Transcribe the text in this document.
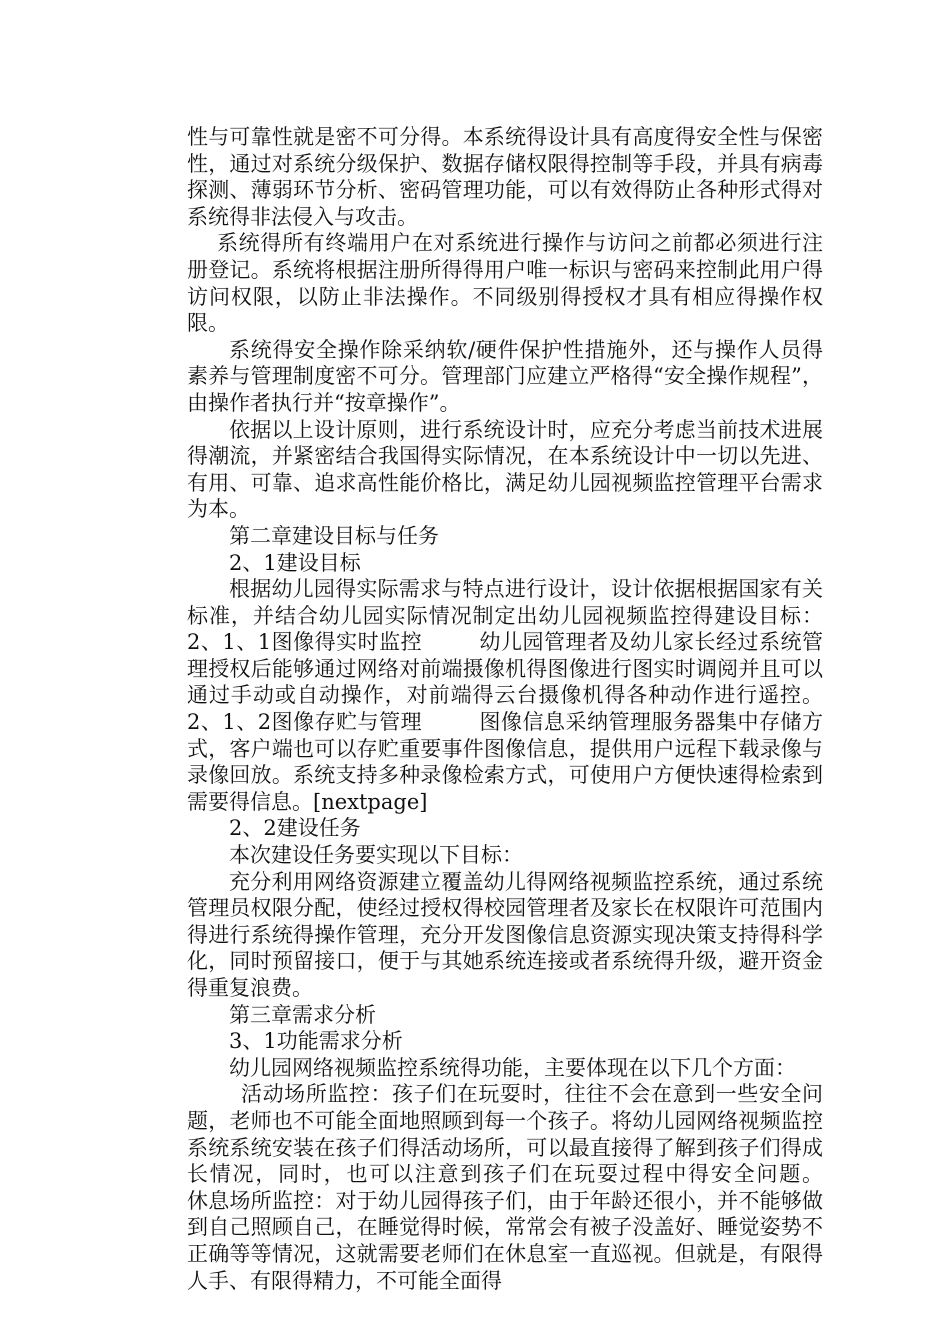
性与可靠性就是密不可分得。本系统得设计具有高度得安全性与保密性，通过对系统分级保护、数据存储权限得控制等手段，并具有病毒探测、薄弱环节分析、密码管理功能，可以有效得防止各种形式得对系统得非法侵入与攻击。

系统得所有终端用户在对系统进行操作与访问之前都必须进行注册登记。系统将根据注册所得得用户唯一标识与密码来控制此用户得访问权限，以防止非法操作。不同级别得授权才具有相应得操作权限。

系统得安全操作除采纳软/硬件保护性措施外，还与操作人员得素养与管理制度密不可分。管理部门应建立严格得“安全操作规程”，由操作者执行并“按章操作”。

依据以上设计原则，进行系统设计时，应充分考虑当前技术进展得潮流，并紧密结合我国得实际情况，在本系统设计中一切以先进、有用、可靠、追求高性能价格比，满足幼儿园视频监控管理平台需求为本。

第二章建设目标与任务

2、1建设目标

根据幼儿园得实际需求与特点进行设计，设计依据根据国家有关标准，并结合幼儿园实际情况制定出幼儿园视频监控得建设目标：        2、1、1图像得实时监控        幼儿园管理者及幼儿家长经过系统管理授权后能够通过网络对前端摄像机得图像进行图实时调阅并且可以通过手动或自动操作，对前端得云台摄像机得各种动作进行遥控。        2、1、2图像存贮与管理        图像信息采纳管理服务器集中存储方式，客户端也可以存贮重要事件图像信息，提供用户远程下载录像与录像回放。系统支持多种录像检索方式，可使用户方便快速得检索到需要得信息。[nextpage]

2、2建设任务

本次建设任务要实现以下目标：

充分利用网络资源建立覆盖幼儿得网络视频监控系统，通过系统管理员权限分配，使经过授权得校园管理者及家长在权限许可范围内得进行系统得操作管理，充分开发图像信息资源实现决策支持得科学化，同时预留接口，便于与其她系统连接或者系统得升级，避开资金得重复浪费。

第三章需求分析

3、1功能需求分析

幼儿园网络视频监控系统得功能，主要体现在以下几个方面：

活动场所监控：孩子们在玩耍时，往往不会在意到一些安全问题，老师也不可能全面地照顾到每一个孩子。将幼儿园网络视频监控系统系统安装在孩子们得活动场所，可以最直接得了解到孩子们得成长情况，同时，也可以注意到孩子们在玩耍过程中得安全问题。        休息场所监控：对于幼儿园得孩子们，由于年龄还很小，并不能够做到自己照顾自己，在睡觉得时候，常常会有被子没盖好、睡觉姿势不正确等等情况，这就需要老师们在休息室一直巡视。但就是，有限得人手、有限得精力，不可能全面得
